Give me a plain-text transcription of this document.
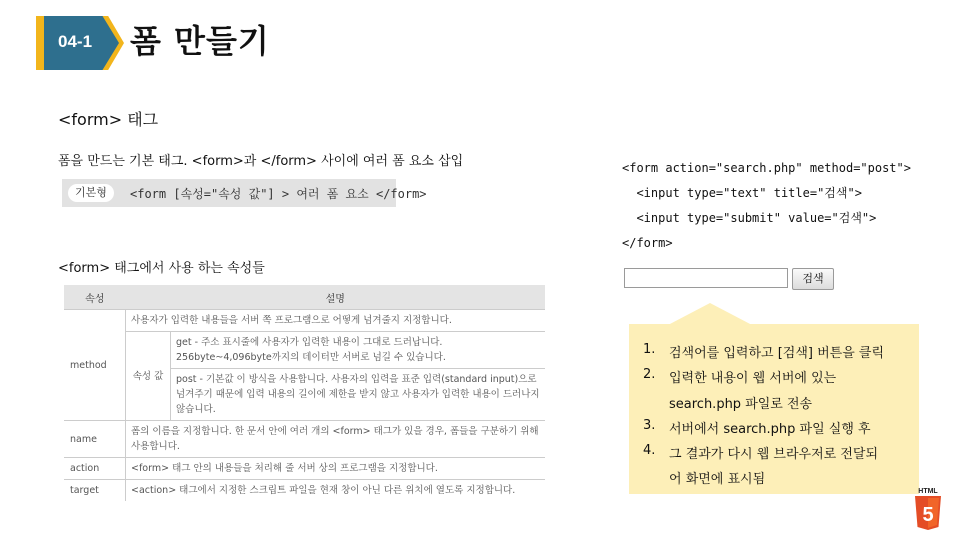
04-1 폼 만들기
<form> 태그
폼을 만드는 기본 태그. <form>과 </form> 사이에 여러 폼 요소 삽입
기본형	<form [속성="속성 값"] > 여러 폼 요소 </form>
<form> 태그에서 사용 하는 속성들
속성	설명	
method	사용자가 입력한 내용들을 서버 쪽 프로그램으로 어떻게 넘겨줄지 지정합니다.	
	속성 값	get - 주소 표시줄에 사용자가 입력한 내용이 그대로 드러납니다. 256byte~4,096byte까지의 데이터만 서버로 넘길 수 있습니다.
		post - 기본값 이 방식을 사용합니다. 사용자의 입력을 표준 입력(standard input)으로 넘겨주기 때문에 입력 내용의 길이에 제한을 받지 않고 사용자가 입력한 내용이 드러나지 않습니다.
name	폼의 이름을 지정합니다. 한 문서 안에 여러 개의 <form> 태그가 있을 경우, 폼들을 구분하기 위해 사용합니다.	
action	<form> 태그 안의 내용들을 처리해 줄 서버 상의 프로그램을 지정합니다.	
target	<action> 태그에서 지정한 스크립트 파일을 현재 창이 아닌 다른 위치에 열도록 지정합니다.	
<form action="search.php" method="post">
<input type="text" title="검색">
<input type="submit" value="검색">
</form>
검색
1. 검색어를 입력하고 [검색] 버튼을 클릭
2. 입력한 내용이 웹 서버에 있는
search.php 파일로 전송
3. 서버에서 search.php 파일 실행 후
4. 그 결과가 다시 웹 브라우저로 전달되
어 화면에 표시됨
HTML
5
